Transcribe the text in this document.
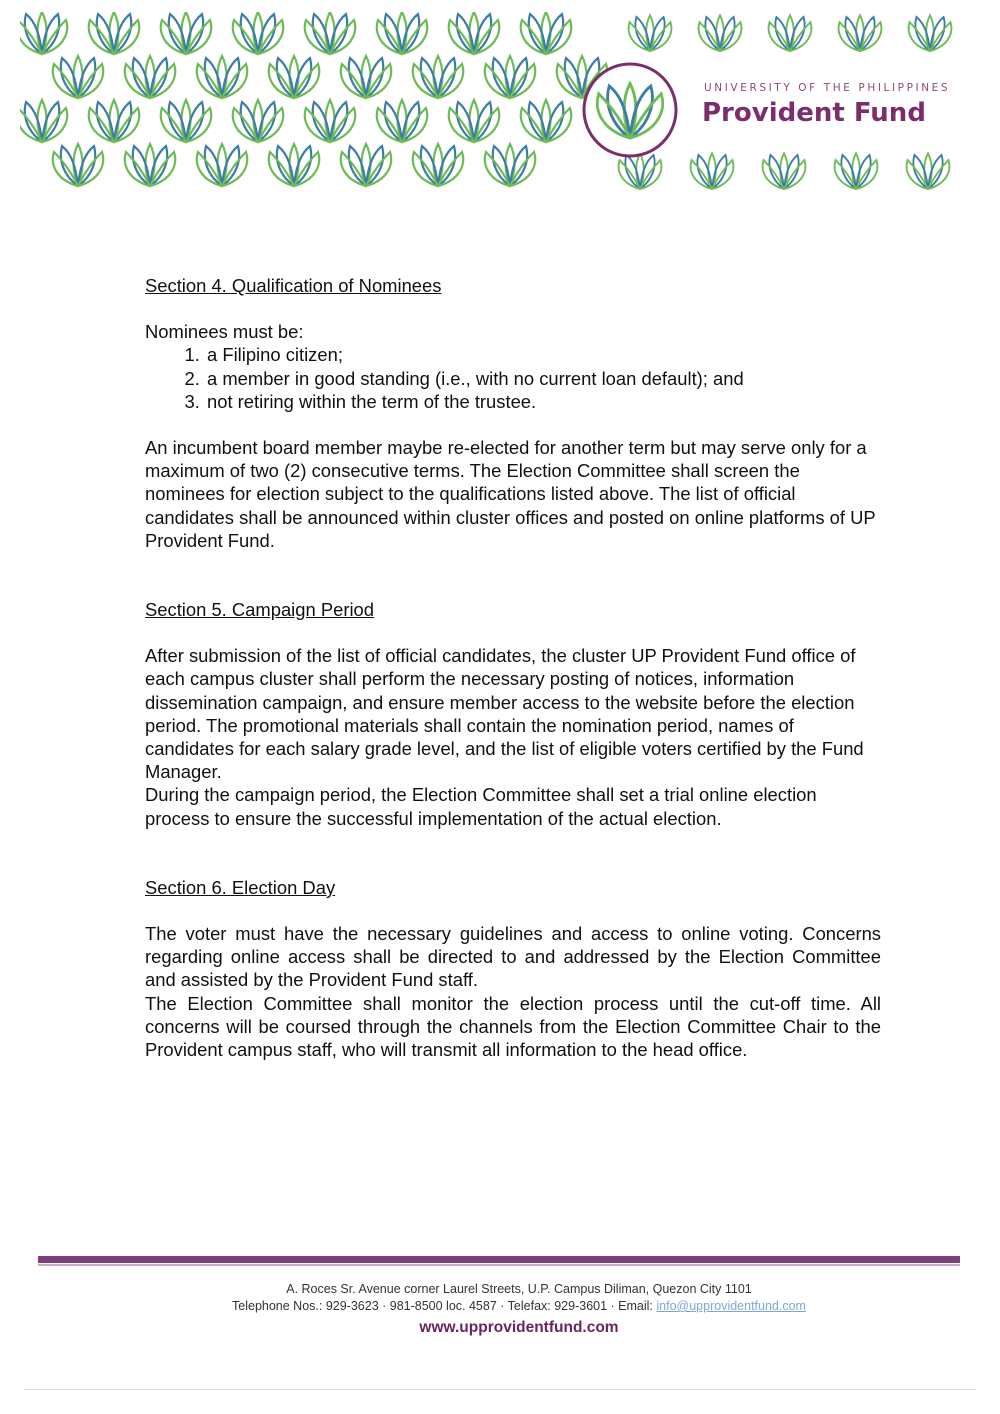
UNIVERSITY OF THE PHILIPPINES
Provident Fund

Section 4. Qualification of Nominees

Nominees must be:

1. a Filipino citizen;
2. a member in good standing (i.e., with no current loan default); and
3. not retiring within the term of the trustee.

An incumbent board member maybe re-elected for another term but may serve only for a maximum of two (2) consecutive terms. The Election Committee shall screen the nominees for election subject to the qualifications listed above. The list of official candidates shall be announced within cluster offices and posted on online platforms of UP Provident Fund.

Section 5. Campaign Period

After submission of the list of official candidates, the cluster UP Provident Fund office of each campus cluster shall perform the necessary posting of notices, information dissemination campaign, and ensure member access to the website before the election period. The promotional materials shall contain the nomination period, names of candidates for each salary grade level, and the list of eligible voters certified by the Fund Manager.

During the campaign period, the Election Committee shall set a trial online election process to ensure the successful implementation of the actual election.

Section 6. Election Day

The voter must have the necessary guidelines and access to online voting. Concerns regarding online access shall be directed to and addressed by the Election Committee and assisted by the Provident Fund staff.

The Election Committee shall monitor the election process until the cut-off time. All concerns will be coursed through the channels from the Election Committee Chair to the Provident campus staff, who will transmit all information to the head office.

A. Roces Sr. Avenue corner Laurel Streets, U.P. Campus Diliman, Quezon City 1101
Telephone Nos.: 929-3623 · 981-8500 loc. 4587 · Telefax: 929-3601 · Email: info@upprovidentfund.com
www.upprovidentfund.com
